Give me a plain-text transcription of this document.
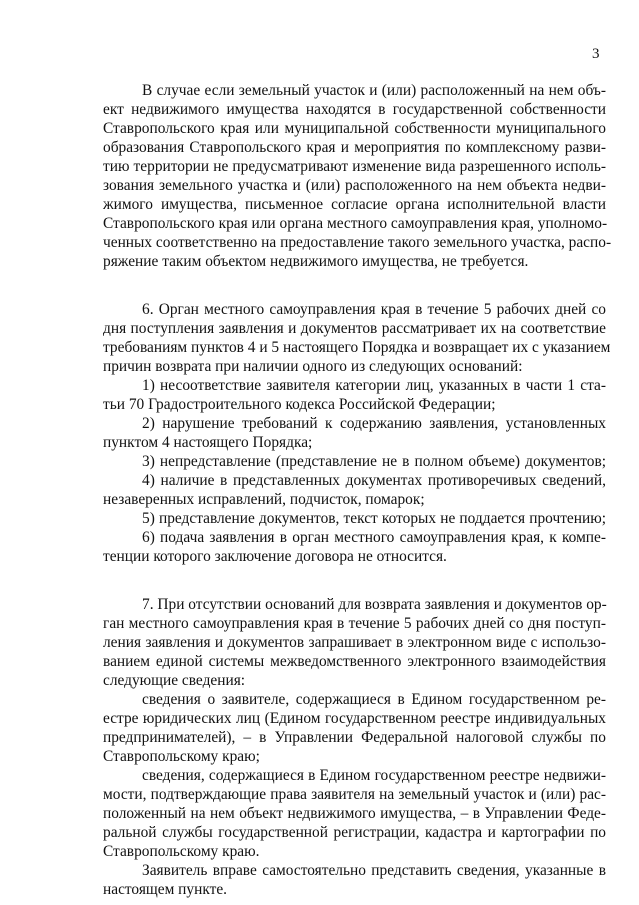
3
В случае если земельный участок и (или) расположенный на нем объ-
ект недвижимого имущества находятся в государственной собственности
Ставропольского края или муниципальной собственности муниципального
образования Ставропольского края и мероприятия по комплексному разви-
тию территории не предусматривают изменение вида разрешенного исполь-
зования земельного участка и (или) расположенного на нем объекта недви-
жимого имущества, письменное согласие органа исполнительной власти
Ставропольского края или органа местного самоуправления края, уполномо-
ченных соответственно на предоставление такого земельного участка, распо-
ряжение таким объектом недвижимого имущества, не требуется.
6. Орган местного самоуправления края в течение 5 рабочих дней со
дня поступления заявления и документов рассматривает их на соответствие
требованиям пунктов 4 и 5 настоящего Порядка и возвращает их с указанием
причин возврата при наличии одного из следующих оснований:
1) несоответствие заявителя категории лиц, указанных в части 1 ста-
тьи 70 Градостроительного кодекса Российской Федерации;
2) нарушение требований к содержанию заявления, установленных
пунктом 4 настоящего Порядка;
3) непредставление (представление не в полном объеме) документов;
4) наличие в представленных документах противоречивых сведений,
незаверенных исправлений, подчисток, помарок;
5) представление документов, текст которых не поддается прочтению;
6) подача заявления в орган местного самоуправления края, к компе-
тенции которого заключение договора не относится.
7. При отсутствии оснований для возврата заявления и документов ор-
ган местного самоуправления края в течение 5 рабочих дней со дня поступ-
ления заявления и документов запрашивает в электронном виде с использо-
ванием единой системы межведомственного электронного взаимодействия
следующие сведения:
сведения о заявителе, содержащиеся в Едином государственном ре-
естре юридических лиц (Едином государственном реестре индивидуальных
предпринимателей), – в Управлении Федеральной налоговой службы по
Ставропольскому краю;
сведения, содержащиеся в Едином государственном реестре недвижи-
мости, подтверждающие права заявителя на земельный участок и (или) рас-
положенный на нем объект недвижимого имущества, – в Управлении Феде-
ральной службы государственной регистрации, кадастра и картографии по
Ставропольскому краю.
Заявитель вправе самостоятельно представить сведения, указанные в
настоящем пункте.
